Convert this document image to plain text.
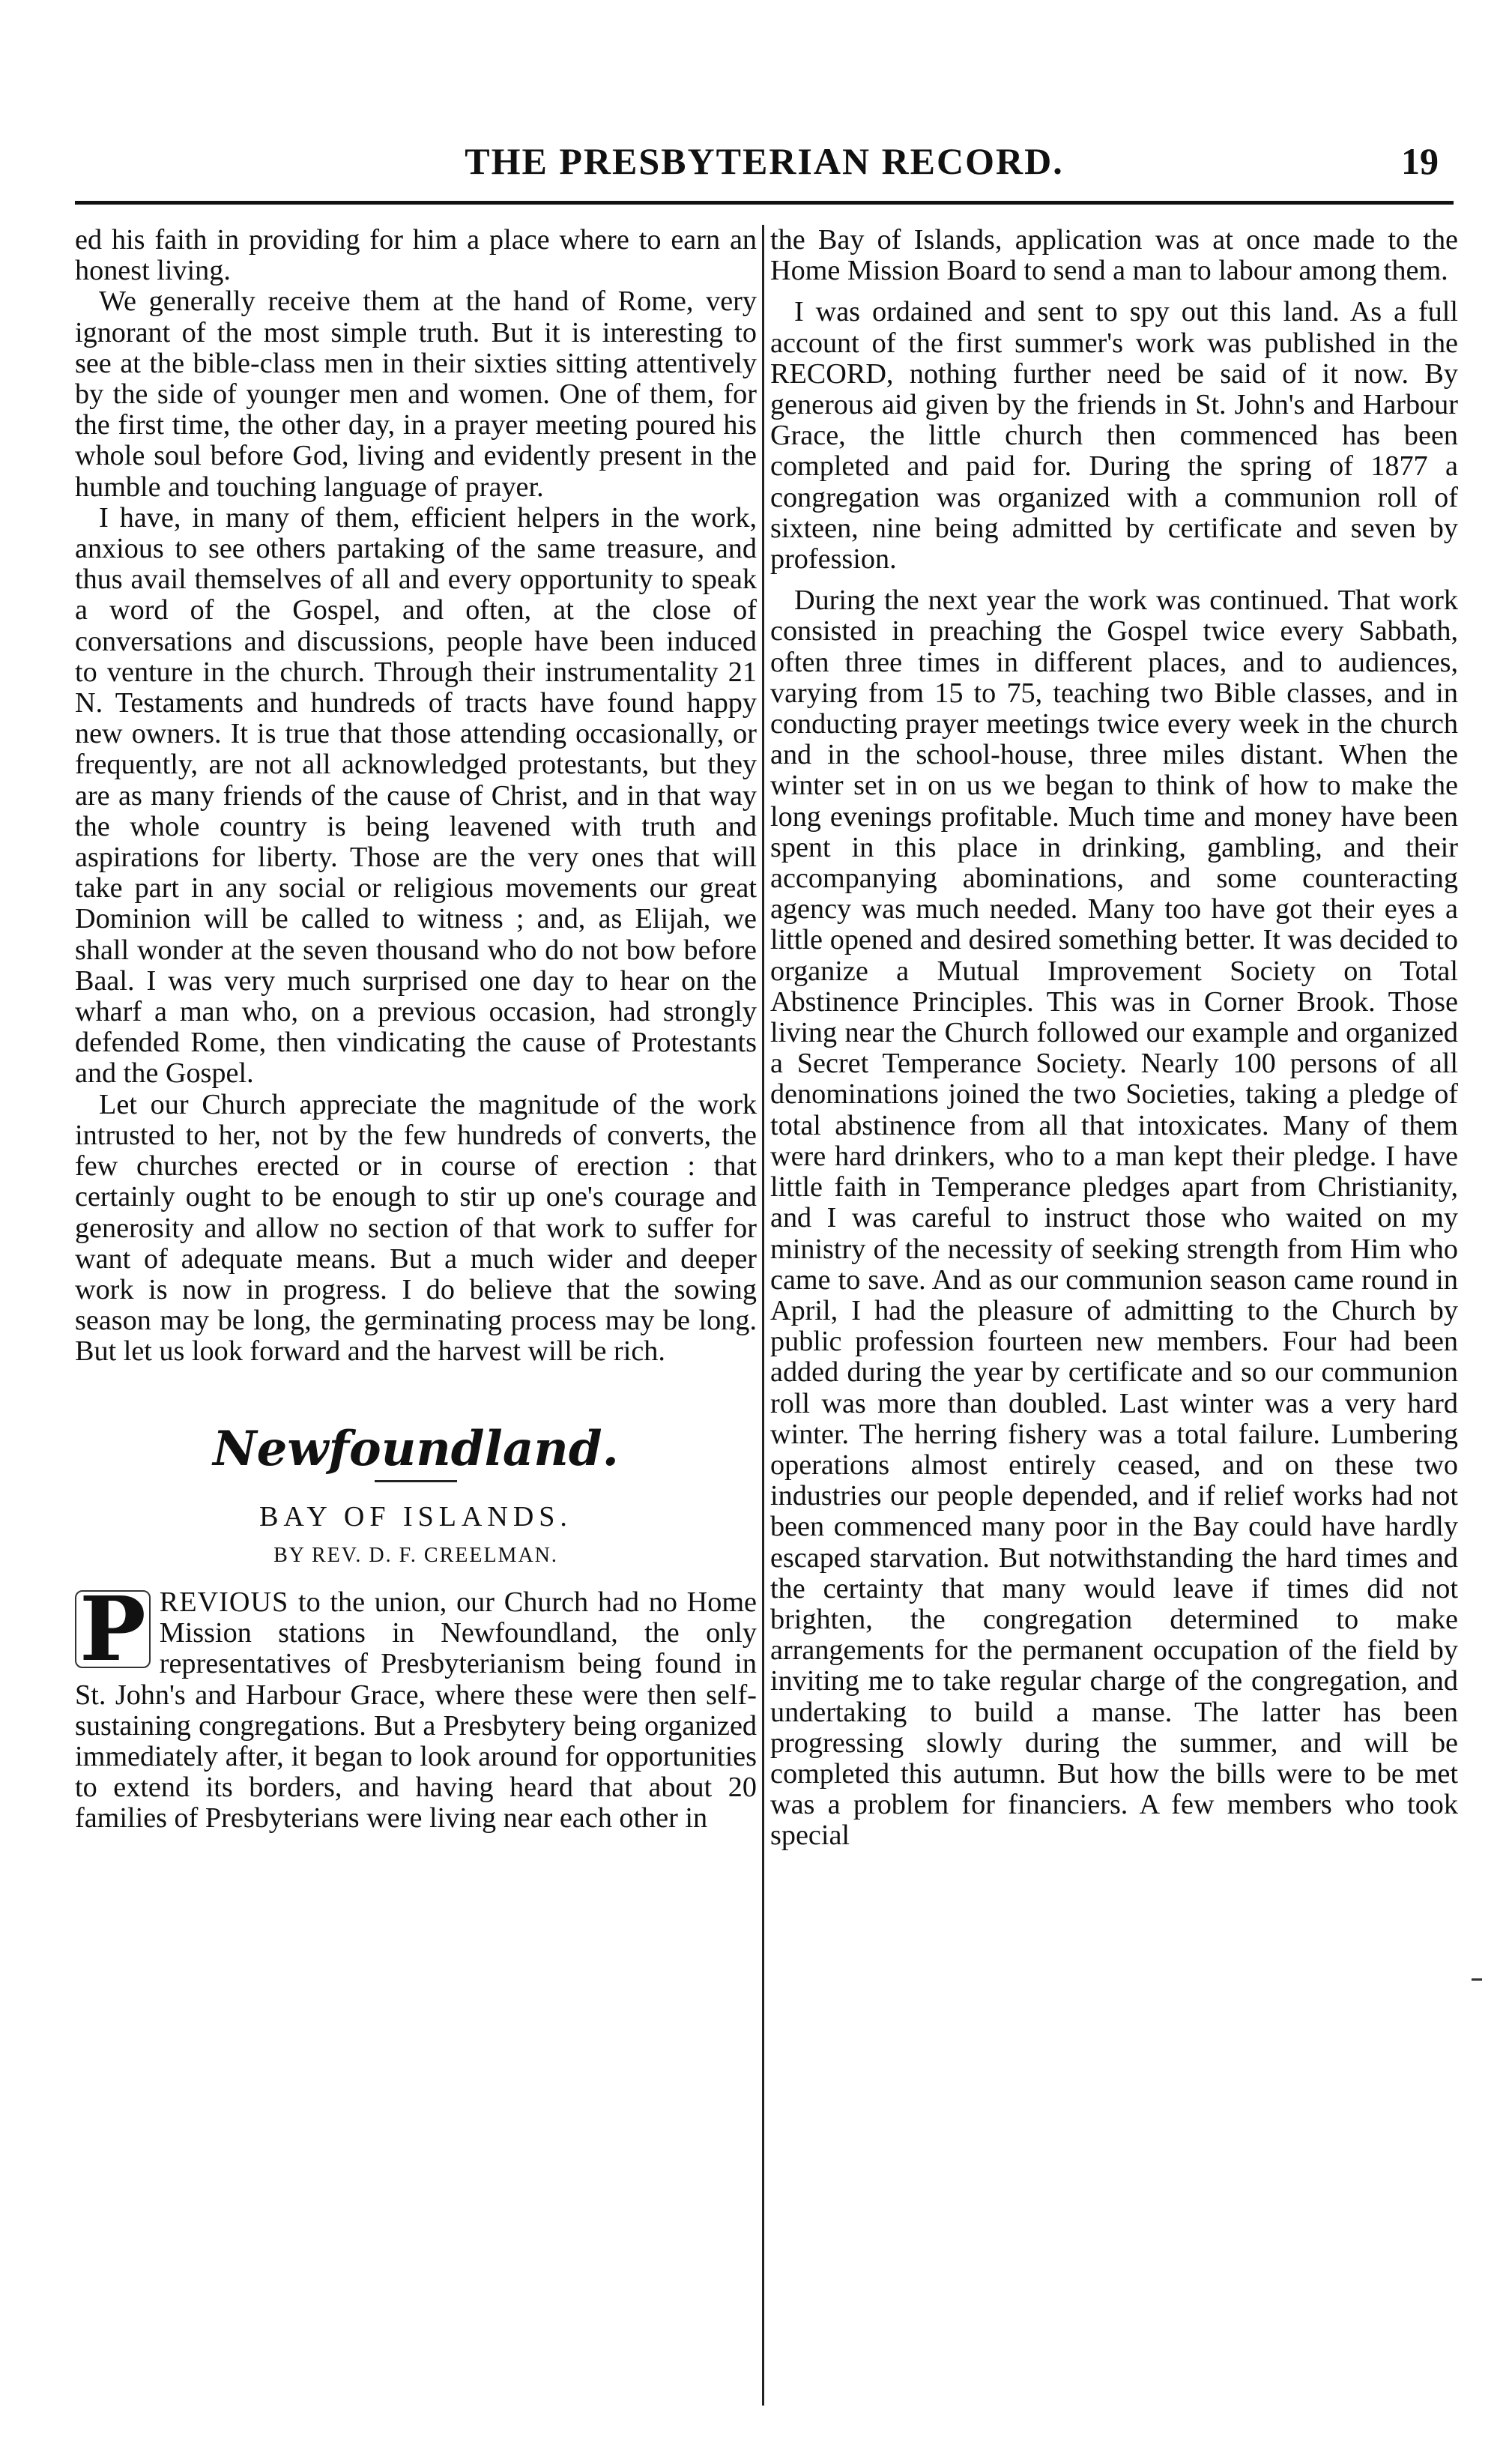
THE PRESBYTERIAN RECORD.	19

ed his faith in providing for him a place where to earn an honest living.

We generally receive them at the hand of Rome, very ignorant of the most simple truth. But it is interesting to see at the bible-class men in their sixties sitting attentively by the side of younger men and women. One of them, for the first time, the other day, in a prayer meeting poured his whole soul before God, living and evidently present in the humble and touching language of prayer.

I have, in many of them, efficient helpers in the work, anxious to see others partaking of the same treasure, and thus avail themselves of all and every opportunity to speak a word of the Gospel, and often, at the close of conversations and discussions, people have been induced to venture in the church. Through their instrumentality 21 N. Testaments and hundreds of tracts have found happy new owners. It is true that those attending occasionally, or frequently, are not all acknowledged protestants, but they are as many friends of the cause of Christ, and in that way the whole country is being leavened with truth and aspirations for liberty. Those are the very ones that will take part in any social or religious movements our great Dominion will be called to witness ; and, as Elijah, we shall wonder at the seven thousand who do not bow before Baal. I was very much surprised one day to hear on the wharf a man who, on a previous occasion, had strongly defended Rome, then vindicating the cause of Protestants and the Gospel.

Let our Church appreciate the magnitude of the work intrusted to her, not by the few hundreds of converts, the few churches erected or in course of erection : that certainly ought to be enough to stir up one's courage and generosity and allow no section of that work to suffer for want of adequate means. But a much wider and deeper work is now in progress. I do believe that the sowing season may be long, the germinating process may be long. But let us look forward and the harvest will be rich.

Newfoundland.
BAY OF ISLANDS.
BY REV. D. F. CREELMAN.

P REVIOUS to the union, our Church had no Home Mission stations in Newfoundland, the only representatives of Presbyterianism being found in St. John's and Harbour Grace, where these were then self-sustaining congregations. But a Presbytery being organized immediately after, it began to look around for opportunities to extend its borders, and having heard that about 20 families of Presbyterians were living near each other in

the Bay of Islands, application was at once made to the Home Mission Board to send a man to labour among them.

I was ordained and sent to spy out this land. As a full account of the first summer's work was published in the RECORD, nothing further need be said of it now. By generous aid given by the friends in St. John's and Harbour Grace, the little church then commenced has been completed and paid for. During the spring of 1877 a congregation was organized with a communion roll of sixteen, nine being admitted by certificate and seven by profession.

During the next year the work was continued. That work consisted in preaching the Gospel twice every Sabbath, often three times in different places, and to audiences, varying from 15 to 75, teaching two Bible classes, and in conducting prayer meetings twice every week in the church and in the school-house, three miles distant. When the winter set in on us we began to think of how to make the long evenings profitable. Much time and money have been spent in this place in drinking, gambling, and their accompanying abominations, and some counteracting agency was much needed. Many too have got their eyes a little opened and desired something better. It was decided to organize a Mutual Improvement Society on Total Abstinence Principles. This was in Corner Brook. Those living near the Church followed our example and organized a Secret Temperance Society. Nearly 100 persons of all denominations joined the two Societies, taking a pledge of total abstinence from all that intoxicates. Many of them were hard drinkers, who to a man kept their pledge. I have little faith in Temperance pledges apart from Christianity, and I was careful to instruct those who waited on my ministry of the necessity of seeking strength from Him who came to save. And as our communion season came round in April, I had the pleasure of admitting to the Church by public profession fourteen new members. Four had been added during the year by certificate and so our communion roll was more than doubled. Last winter was a very hard winter. The herring fishery was a total failure. Lumbering operations almost entirely ceased, and on these two industries our people depended, and if relief works had not been commenced many poor in the Bay could have hardly escaped starvation. But notwithstanding the hard times and the certainty that many would leave if times did not brighten, the congregation determined to make arrangements for the permanent occupation of the field by inviting me to take regular charge of the congregation, and undertaking to build a manse. The latter has been progressing slowly during the summer, and will be completed this autumn. But how the bills were to be met was a problem for financiers. A few members who took special
